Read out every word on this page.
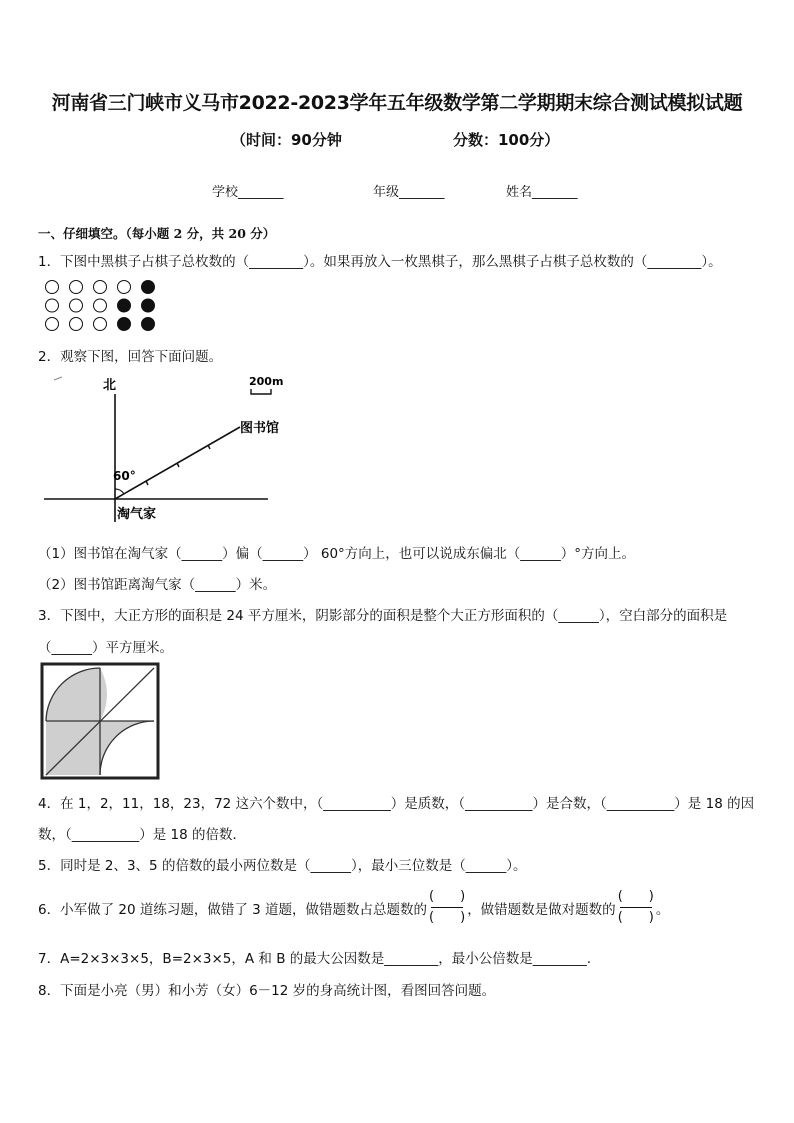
河南省三门峡市义马市2022-2023学年五年级数学第二学期期末综合测试模拟试题
（时间：90分钟	分数：100分）
学校_______	年级_______	姓名_______
一、仔细填空。（每小题 2 分，共 20 分）
1．下图中黑棋子占棋子总枚数的（________）。如果再放入一枚黑棋子，那么黑棋子占棋子总枚数的（________）。
2．观察下图，回答下面问题。
北	200m
图书馆
60°
淘气家
（1）图书馆在淘气家（______）偏（______） 60°方向上，也可以说成东偏北（______）°方向上。
（2）图书馆距离淘气家（______）米。
3．下图中，大正方形的面积是 24 平方厘米，阴影部分的面积是整个大正方形面积的（______），空白部分的面积是
（______）平方厘米。
4．在 1，2，11，18，23，72 这六个数中，（__________）是质数，（__________）是合数，（__________）是 18 的因
数，（__________）是 18 的倍数．
5．同时是 2、3、5 的倍数的最小两位数是（______），最小三位数是（______）。
6．小军做了 20 道练习题，做错了 3 道题，做错题数占总题数的 $\frac{( )}{( )}$ ，做错题数是做对题数的 $\frac{( )}{( )}$ 。
7．A=2×3×3×5，B=2×3×5，A 和 B 的最大公因数是________，最小公倍数是________.
8．下面是小亮（男）和小芳（女）6－12 岁的身高统计图，看图回答问题。
